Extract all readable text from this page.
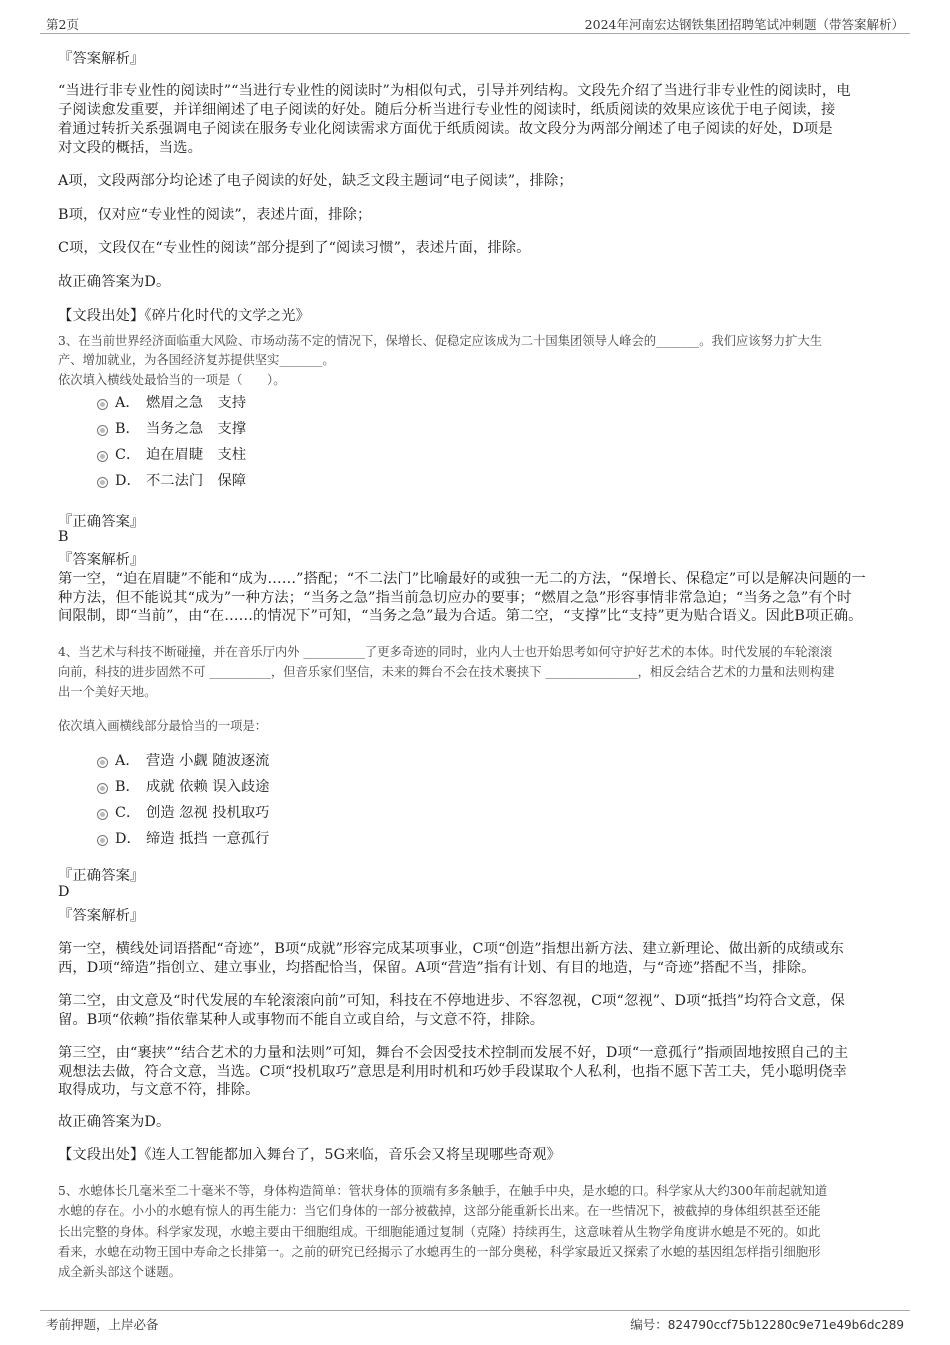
第2页	2024年河南宏达钢铁集团招聘笔试冲刺题（带答案解析）
『答案解析』
“当进行非专业性的阅读时”“当进行专业性的阅读时”为相似句式，引导并列结构。文段先介绍了当进行非专业性的阅读时，电
子阅读愈发重要，并详细阐述了电子阅读的好处。随后分析当进行专业性的阅读时，纸质阅读的效果应该优于电子阅读，接
着通过转折关系强调电子阅读在服务专业化阅读需求方面优于纸质阅读。故文段分为两部分阐述了电子阅读的好处，D项是
对文段的概括，当选。
A项，文段两部分均论述了电子阅读的好处，缺乏文段主题词“电子阅读”，排除；
B项，仅对应“专业性的阅读”，表述片面，排除；
C项，文段仅在“专业性的阅读”部分提到了“阅读习惯”，表述片面，排除。
故正确答案为D。
【文段出处】《碎片化时代的文学之光》
3、在当前世界经济面临重大风险、市场动荡不定的情况下，保增长、促稳定应该成为二十国集团领导人峰会的_______。我们应该努力扩大生
产、增加就业，为各国经济复苏提供坚实_______。
依次填入横线处最恰当的一项是（　　）。
A． 燃眉之急　支持
B． 当务之急　支撑
C． 迫在眉睫　支柱
D． 不二法门　保障
『正确答案』
B
『答案解析』
第一空，“迫在眉睫”不能和“成为……”搭配；“不二法门”比喻最好的或独一无二的方法，“保增长、保稳定”可以是解决问题的一
种方法，但不能说其“成为”一种方法；“当务之急”指当前急切应办的要事；“燃眉之急”形容事情非常急迫；“当务之急”有个时
间限制，即“当前”，由“在……的情况下”可知，“当务之急”最为合适。第二空，“支撑”比“支持”更为贴合语义。因此B项正确。
4、当艺术与科技不断碰撞，并在音乐厅内外 __________了更多奇迹的同时，业内人士也开始思考如何守护好艺术的本体。时代发展的车轮滚滚
向前，科技的进步固然不可 __________，但音乐家们坚信，未来的舞台不会在技术裹挟下 _______________，相反会结合艺术的力量和法则构建
出一个美好天地。
依次填入画横线部分最恰当的一项是：
A． 营造 小觑 随波逐流
B． 成就 依赖 误入歧途
C． 创造 忽视 投机取巧
D． 缔造 抵挡 一意孤行
『正确答案』
D
『答案解析』
第一空，横线处词语搭配“奇迹”，B项“成就”形容完成某项事业，C项“创造”指想出新方法、建立新理论、做出新的成绩或东
西，D项“缔造”指创立、建立事业，均搭配恰当，保留。A项“营造”指有计划、有目的地造，与“奇迹”搭配不当，排除。
第二空，由文意及“时代发展的车轮滚滚向前”可知，科技在不停地进步、不容忽视，C项“忽视”、D项“抵挡”均符合文意，保
留。B项“依赖”指依靠某种人或事物而不能自立或自给，与文意不符，排除。
第三空，由“裹挟”“结合艺术的力量和法则”可知，舞台不会因受技术控制而发展不好，D项“一意孤行”指顽固地按照自己的主
观想法去做，符合文意，当选。C项“投机取巧”意思是利用时机和巧妙手段谋取个人私利，也指不愿下苦工夫，凭小聪明侥幸
取得成功，与文意不符，排除。
故正确答案为D。
【文段出处】《连人工智能都加入舞台了，5G来临，音乐会又将呈现哪些奇观》
5、水螅体长几毫米至二十毫米不等，身体构造简单：管状身体的顶端有多条触手，在触手中央，是水螅的口。科学家从大约300年前起就知道
水螅的存在。小小的水螅有惊人的再生能力：当它们身体的一部分被截掉，这部分能重新长出来。在一些情况下，被截掉的身体组织甚至还能
长出完整的身体。科学家发现，水螅主要由干细胞组成。干细胞能通过复制（克隆）持续再生，这意味着从生物学角度讲水螅是不死的。如此
看来，水螅在动物王国中寿命之长排第一。之前的研究已经揭示了水螅再生的一部分奥秘，科学家最近又探索了水螅的基因组怎样指引细胞形
成全新头部这个谜题。
考前押题，上岸必备	编号：824790ccf75b12280c9e71e49b6dc289
